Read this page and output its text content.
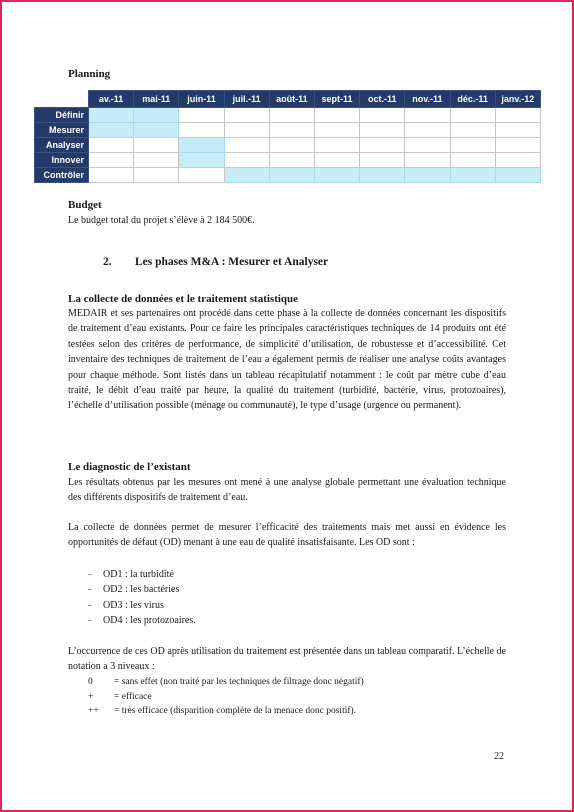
Planning
	av.-11	mai-11	juin-11	juil.-11	août-11	sept-11	oct.-11	nov.-11	déc.-11	janv.-12
Définir										
Mesurer										
Analyser										
Innover										
Contrôler										
Budget
Le budget total du projet s’élève à 2 184 500€.
2. Les phases M&A : Mesurer et Analyser
La collecte de données et le traitement statistique
MEDAIR et ses partenaires ont procédé dans cette phase à la collecte de données concernant les dispositifs de traitement d’eau existants. Pour ce faire les principales caractéristiques techniques de 14 produits ont été testées selon des critères de performance, de simplicité d’utilisation, de robustesse et d’accessibilité. Cet inventaire des techniques de traitement de l’eau a également permis de réaliser une analyse coûts avantages pour chaque méthode. Sont listés dans un tableau récapitulatif notamment : le coût par mètre cube d’eau traité, le débit d’eau traité par heure, la qualité du traitement (turbidité, bactérie, virus, protozoaires), l’échelle d’utilisation possible (ménage ou communauté), le type d’usage (urgence ou permanent).
Le diagnostic de l’existant
Les résultats obtenus par les mesures ont mené à une analyse globale permettant une évaluation technique des différents dispositifs de traitement d’eau.
La collecte de données permet de mesurer l’efficacité des traitements mais met aussi en évidence les opportunités de défaut (OD) menant à une eau de qualité insatisfaisante. Les OD sont :
- OD1 : la turbidité
- OD2 : les bactéries
- OD3 : les virus
- OD4 : les protozoaires.
L’occurrence de ces OD après utilisation du traitement est présentée dans un tableau comparatif. L’échelle de notation a 3 niveaux :
0 = sans effet (non traité par les techniques de filtrage donc négatif)
+ = efficace
++ = très efficace (disparition complète de la menace donc positif).
22
